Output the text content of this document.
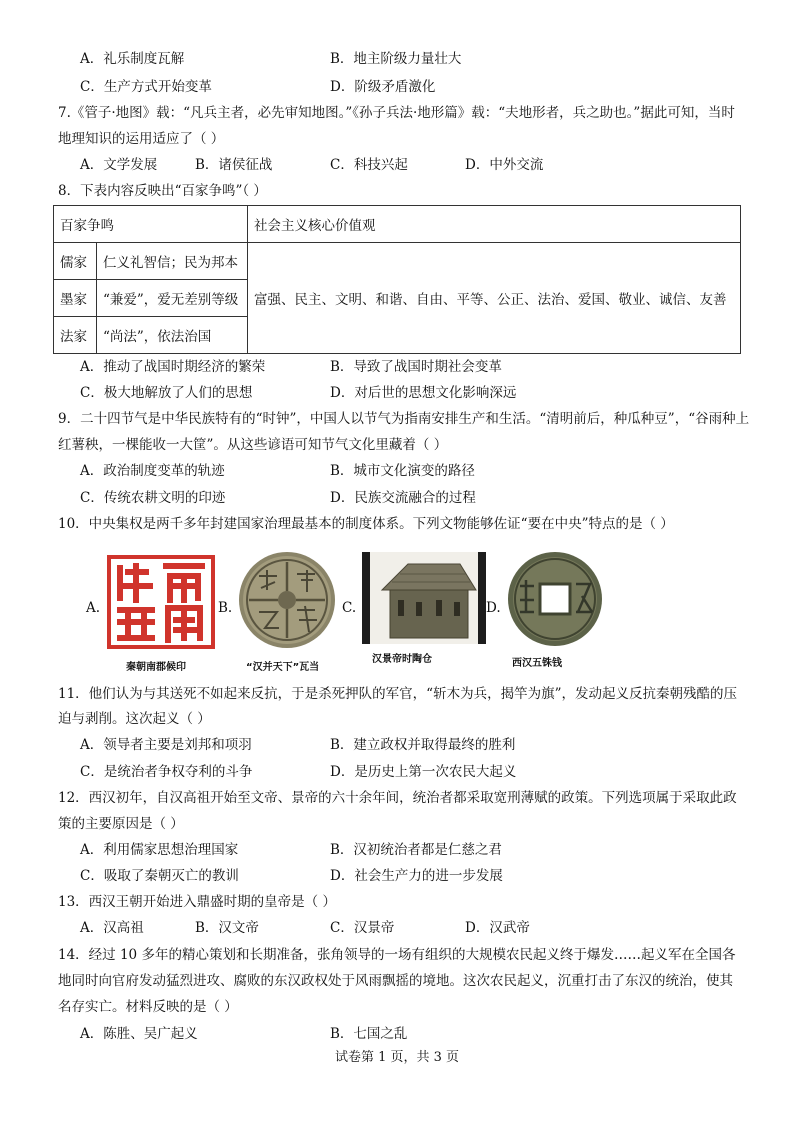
A．礼乐制度瓦解	B．地主阶级力量壮大
C．生产方式开始变革	D．阶级矛盾激化
7.《管子·地图》载：“凡兵主者，必先审知地图。”《孙子兵法·地形篇》载：“夫地形者，兵之助也。”据此可知，当时
地理知识的运用适应了（ ）
A．文学发展	B．诸侯征战	C．科技兴起	D．中外交流
8．下表内容反映出“百家争鸣”（ ）
百家争鸣		社会主义核心价值观
儒家	仁义礼智信；民为邦本	富强、民主、文明、和谐、自由、平等、公正、法治、爱国、敬业、诚信、友善
墨家	“兼爱”，爱无差别等级	
法家	“尚法”，依法治国	
A．推动了战国时期经济的繁荣	B．导致了战国时期社会变革
C．极大地解放了人们的思想	D．对后世的思想文化影响深远
9．二十四节气是中华民族特有的“时钟”，中国人以节气为指南安排生产和生活。“清明前后，种瓜种豆”，“谷雨种上
红薯秧，一棵能收一大筐”。从这些谚语可知节气文化里藏着（ ）
A．政治制度变革的轨迹	B．城市文化演变的路径
C．传统农耕文明的印迹	D．民族交流融合的过程
10．中央集权是两千多年封建国家治理最基本的制度体系。下列文物能够佐证“要在中央”特点的是（ ）
A.
秦朝南郡候印
B.
“汉并天下”瓦当
C.
汉景帝时陶仓
D.
西汉五铢钱
11．他们认为与其送死不如起来反抗，于是杀死押队的军官，“斩木为兵，揭竿为旗”，发动起义反抗秦朝残酷的压
迫与剥削。这次起义（ ）
A．领导者主要是刘邦和项羽	B．建立政权并取得最终的胜利
C．是统治者争权夺利的斗争	D．是历史上第一次农民大起义
12．西汉初年，自汉高祖开始至文帝、景帝的六十余年间，统治者都采取宽刑薄赋的政策。下列选项属于采取此政
策的主要原因是（ ）
A．利用儒家思想治理国家	B．汉初统治者都是仁慈之君
C．吸取了秦朝灭亡的教训	D．社会生产力的进一步发展
13．西汉王朝开始进入鼎盛时期的皇帝是（ ）
A．汉高祖	B．汉文帝	C．汉景帝	D．汉武帝
14．经过 10 多年的精心策划和长期准备，张角领导的一场有组织的大规模农民起义终于爆发……起义军在全国各
地同时向官府发动猛烈进攻、腐败的东汉政权处于风雨飘摇的境地。这次农民起义，沉重打击了东汉的统治，使其
名存实亡。材料反映的是（ ）
A．陈胜、吴广起义	B．七国之乱
试卷第 1 页，共 3 页
